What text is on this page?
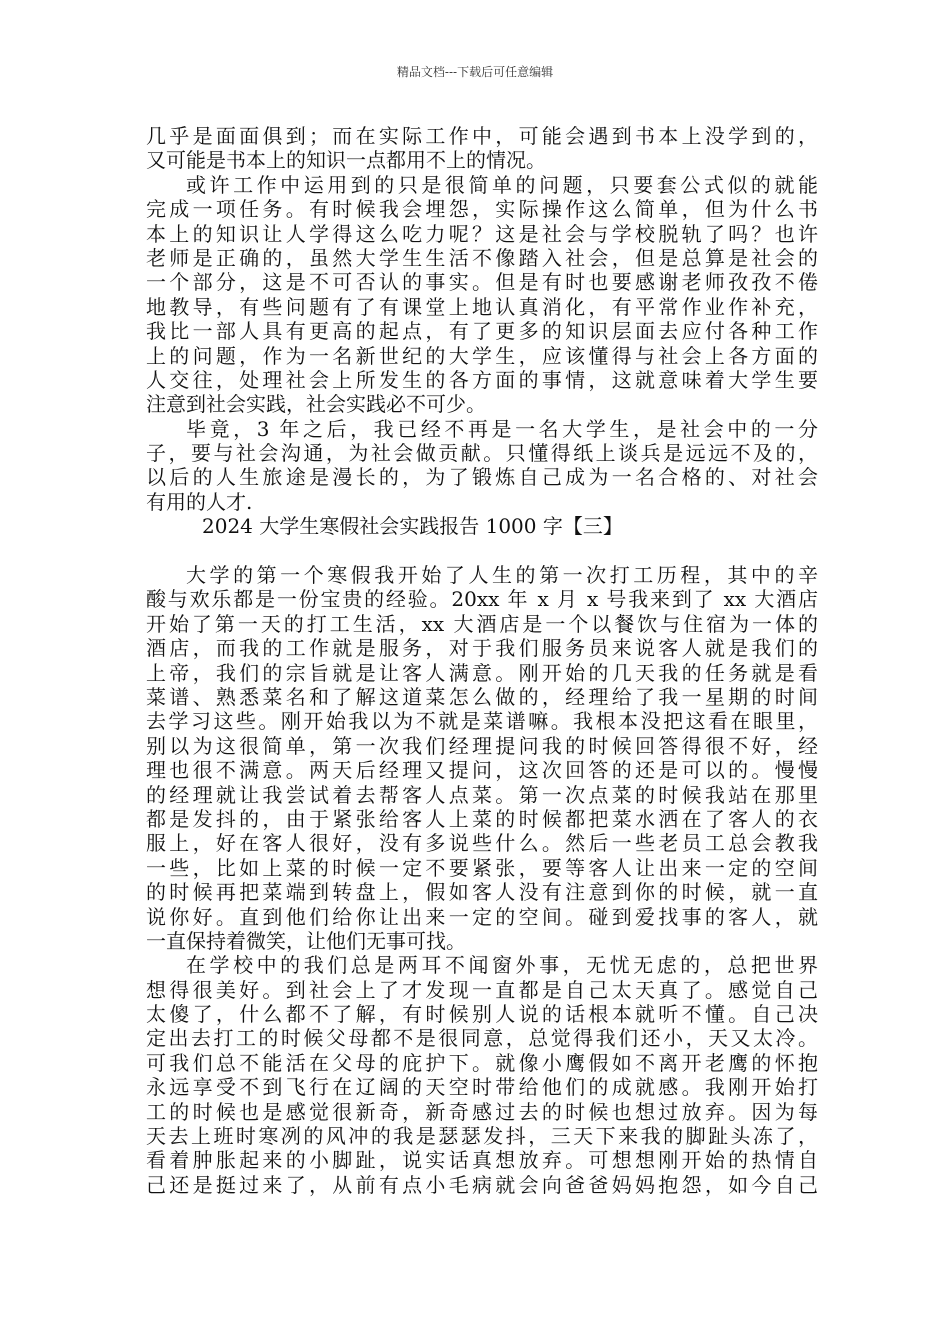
精品文档---下载后可任意编辑
几乎是面面俱到；而在实际工作中，可能会遇到书本上没学到的，
又可能是书本上的知识一点都用不上的情况。
或许工作中运用到的只是很简单的问题，只要套公式似的就能
完成一项任务。有时候我会埋怨，实际操作这么简单，但为什么书
本上的知识让人学得这么吃力呢？这是社会与学校脱轨了吗？也许
老师是正确的，虽然大学生生活不像踏入社会，但是总算是社会的
一个部分，这是不可否认的事实。但是有时也要感谢老师孜孜不倦
地教导，有些问题有了有课堂上地认真消化，有平常作业作补充，
我比一部人具有更高的起点，有了更多的知识层面去应付各种工作
上的问题，作为一名新世纪的大学生，应该懂得与社会上各方面的
人交往，处理社会上所发生的各方面的事情，这就意味着大学生要
注意到社会实践，社会实践必不可少。
毕竟，3 年之后，我已经不再是一名大学生，是社会中的一分
子，要与社会沟通，为社会做贡献。只懂得纸上谈兵是远远不及的，
以后的人生旅途是漫长的，为了锻炼自己成为一名合格的、对社会
有用的人才.
2024 大学生寒假社会实践报告 1000 字【三】
大学的第一个寒假我开始了人生的第一次打工历程，其中的辛
酸与欢乐都是一份宝贵的经验。20xx 年 x 月 x 号我来到了 xx 大酒店
开始了第一天的打工生活，xx 大酒店是一个以餐饮与住宿为一体的
酒店，而我的工作就是服务，对于我们服务员来说客人就是我们的
上帝，我们的宗旨就是让客人满意。刚开始的几天我的任务就是看
菜谱、熟悉菜名和了解这道菜怎么做的，经理给了我一星期的时间
去学习这些。刚开始我以为不就是菜谱嘛。我根本没把这看在眼里，
别以为这很简单，第一次我们经理提问我的时候回答得很不好，经
理也很不满意。两天后经理又提问，这次回答的还是可以的。慢慢
的经理就让我尝试着去帮客人点菜。第一次点菜的时候我站在那里
都是发抖的，由于紧张给客人上菜的时候都把菜水洒在了客人的衣
服上，好在客人很好，没有多说些什么。然后一些老员工总会教我
一些，比如上菜的时候一定不要紧张，要等客人让出来一定的空间
的时候再把菜端到转盘上，假如客人没有注意到你的时候，就一直
说你好。直到他们给你让出来一定的空间。碰到爱找事的客人，就
一直保持着微笑，让他们无事可找。
在学校中的我们总是两耳不闻窗外事，无忧无虑的，总把世界
想得很美好。到社会上了才发现一直都是自己太天真了。感觉自己
太傻了，什么都不了解，有时候别人说的话根本就听不懂。自己决
定出去打工的时候父母都不是很同意，总觉得我们还小，天又太冷。
可我们总不能活在父母的庇护下。就像小鹰假如不离开老鹰的怀抱
永远享受不到飞行在辽阔的天空时带给他们的成就感。我刚开始打
工的时候也是感觉很新奇，新奇感过去的时候也想过放弃。因为每
天去上班时寒冽的风冲的我是瑟瑟发抖，三天下来我的脚趾头冻了，
看着肿胀起来的小脚趾，说实话真想放弃。可想想刚开始的热情自
己还是挺过来了，从前有点小毛病就会向爸爸妈妈抱怨，如今自己
